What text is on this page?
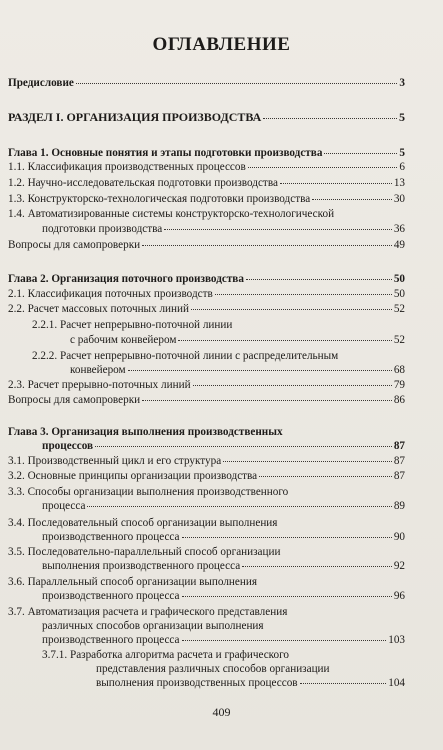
ОГЛАВЛЕНИЕ
Предисловие	3
РАЗДЕЛ I. ОРГАНИЗАЦИЯ ПРОИЗВОДСТВА	5
Глава 1. Основные понятия и этапы подготовки производства	5
1.1. Классификация производственных процессов	6
1.2. Научно-исследовательская подготовки производства	13
1.3. Конструкторско-технологическая подготовки производства	30
1.4. Автоматизированные системы конструкторско-технологической
подготовки производства	36
Вопросы для самопроверки	49
Глава 2. Организация поточного производства	50
2.1. Классификация поточных производств	50
2.2. Расчет массовых поточных линий	52
2.2.1. Расчет непрерывно-поточной линии
с рабочим конвейером	52
2.2.2. Расчет непрерывно-поточной линии с распределительным
конвейером	68
2.3. Расчет прерывно-поточных линий	79
Вопросы для самопроверки	86
Глава 3. Организация выполнения производственных
процессов	87
3.1. Производственный цикл и его структура	87
3.2. Основные принципы организации производства	87
3.3. Способы организации выполнения производственного
процесса	89
3.4. Последовательный способ организации выполнения
производственного процесса	90
3.5. Последовательно-параллельный способ организации
выполнения производственного процесса	92
3.6. Параллельный способ организации выполнения
производственного процесса	96
3.7. Автоматизация расчета и графического представления
различных способов организации выполнения
производственного процесса	103
3.7.1. Разработка алгоритма расчета и графического
представления различных способов организации
выполнения производственных процессов	104
409
